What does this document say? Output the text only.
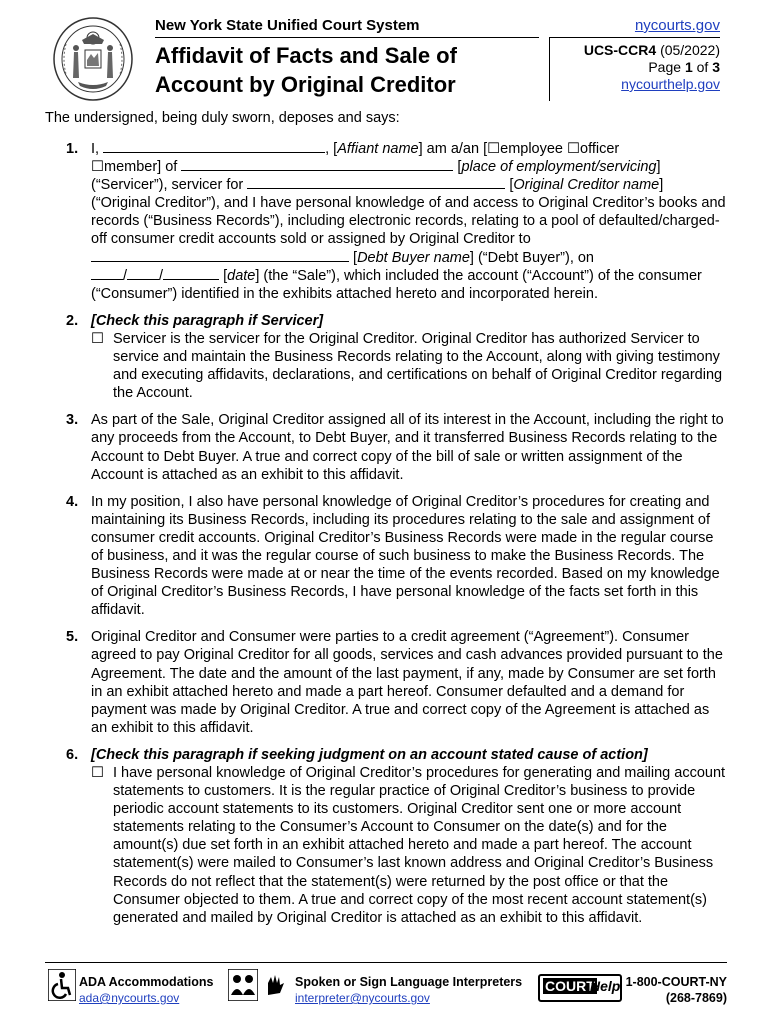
New York State Unified Court System
Affidavit of Facts and Sale of
Account by Original Creditor
nycourts.gov
UCS-CCR4 (05/2022)
Page 1 of 3
nycourthelp.gov
The undersigned, being duly sworn, deposes and says:
1. I,	, [Affiant name] am a/an [☐employee ☐officer
☐member] of	[place of employment/servicing]
(“Servicer”), servicer for	[Original Creditor name]
(“Original Creditor”), and I have personal knowledge of and access to Original Creditor’s books and records (“Business Records”), including electronic records, relating to a pool of defaulted/charged-off consumer credit accounts sold or assigned by Original Creditor to
[Debt Buyer name] (“Debt Buyer”), on
/ /	[date] (the “Sale”), which included the account (“Account”) of the consumer (“Consumer”) identified in the exhibits attached hereto and incorporated herein.
2. [Check this paragraph if Servicer]
☐ Servicer is the servicer for the Original Creditor. Original Creditor has authorized Servicer to service and maintain the Business Records relating to the Account, along with giving testimony and executing affidavits, declarations, and certifications on behalf of Original Creditor regarding the Account.
3. As part of the Sale, Original Creditor assigned all of its interest in the Account, including the right to any proceeds from the Account, to Debt Buyer, and it transferred Business Records relating to the Account to Debt Buyer. A true and correct copy of the bill of sale or written assignment of the Account is attached as an exhibit to this affidavit.
4. In my position, I also have personal knowledge of Original Creditor’s procedures for creating and maintaining its Business Records, including its procedures relating to the sale and assignment of consumer credit accounts. Original Creditor’s Business Records were made in the regular course of business, and it was the regular course of such business to make the Business Records. The Business Records were made at or near the time of the events recorded. Based on my knowledge of Original Creditor’s Business Records, I have personal knowledge of the facts set forth in this affidavit.
5. Original Creditor and Consumer were parties to a credit agreement (“Agreement”). Consumer agreed to pay Original Creditor for all goods, services and cash advances provided pursuant to the Agreement. The date and the amount of the last payment, if any, made by Consumer are set forth in an exhibit attached hereto and made a part hereof. Consumer defaulted and a demand for payment was made by Original Creditor. A true and correct copy of the Agreement is attached as an exhibit to this affidavit.
6. [Check this paragraph if seeking judgment on an account stated cause of action]
☐ I have personal knowledge of Original Creditor’s procedures for generating and mailing account statements to customers. It is the regular practice of Original Creditor’s business to provide periodic account statements to its customers. Original Creditor sent one or more account statements relating to the Consumer’s Account to Consumer on the date(s) and for the amount(s) due set forth in an exhibit attached hereto and made a part hereof. The account statement(s) were mailed to Consumer’s last known address and Original Creditor’s Business Records do not reflect that the statement(s) were returned by the post office or that the Consumer objected to them. A true and correct copy of the most recent account statement(s) generated and mailed by Original Creditor is attached as an exhibit to this affidavit.
ADA Accommodations
ada@nycourts.gov
Spoken or Sign Language Interpreters
interpreter@nycourts.gov
COURT
Help 1-800-COURT-NY
(268-7869)
